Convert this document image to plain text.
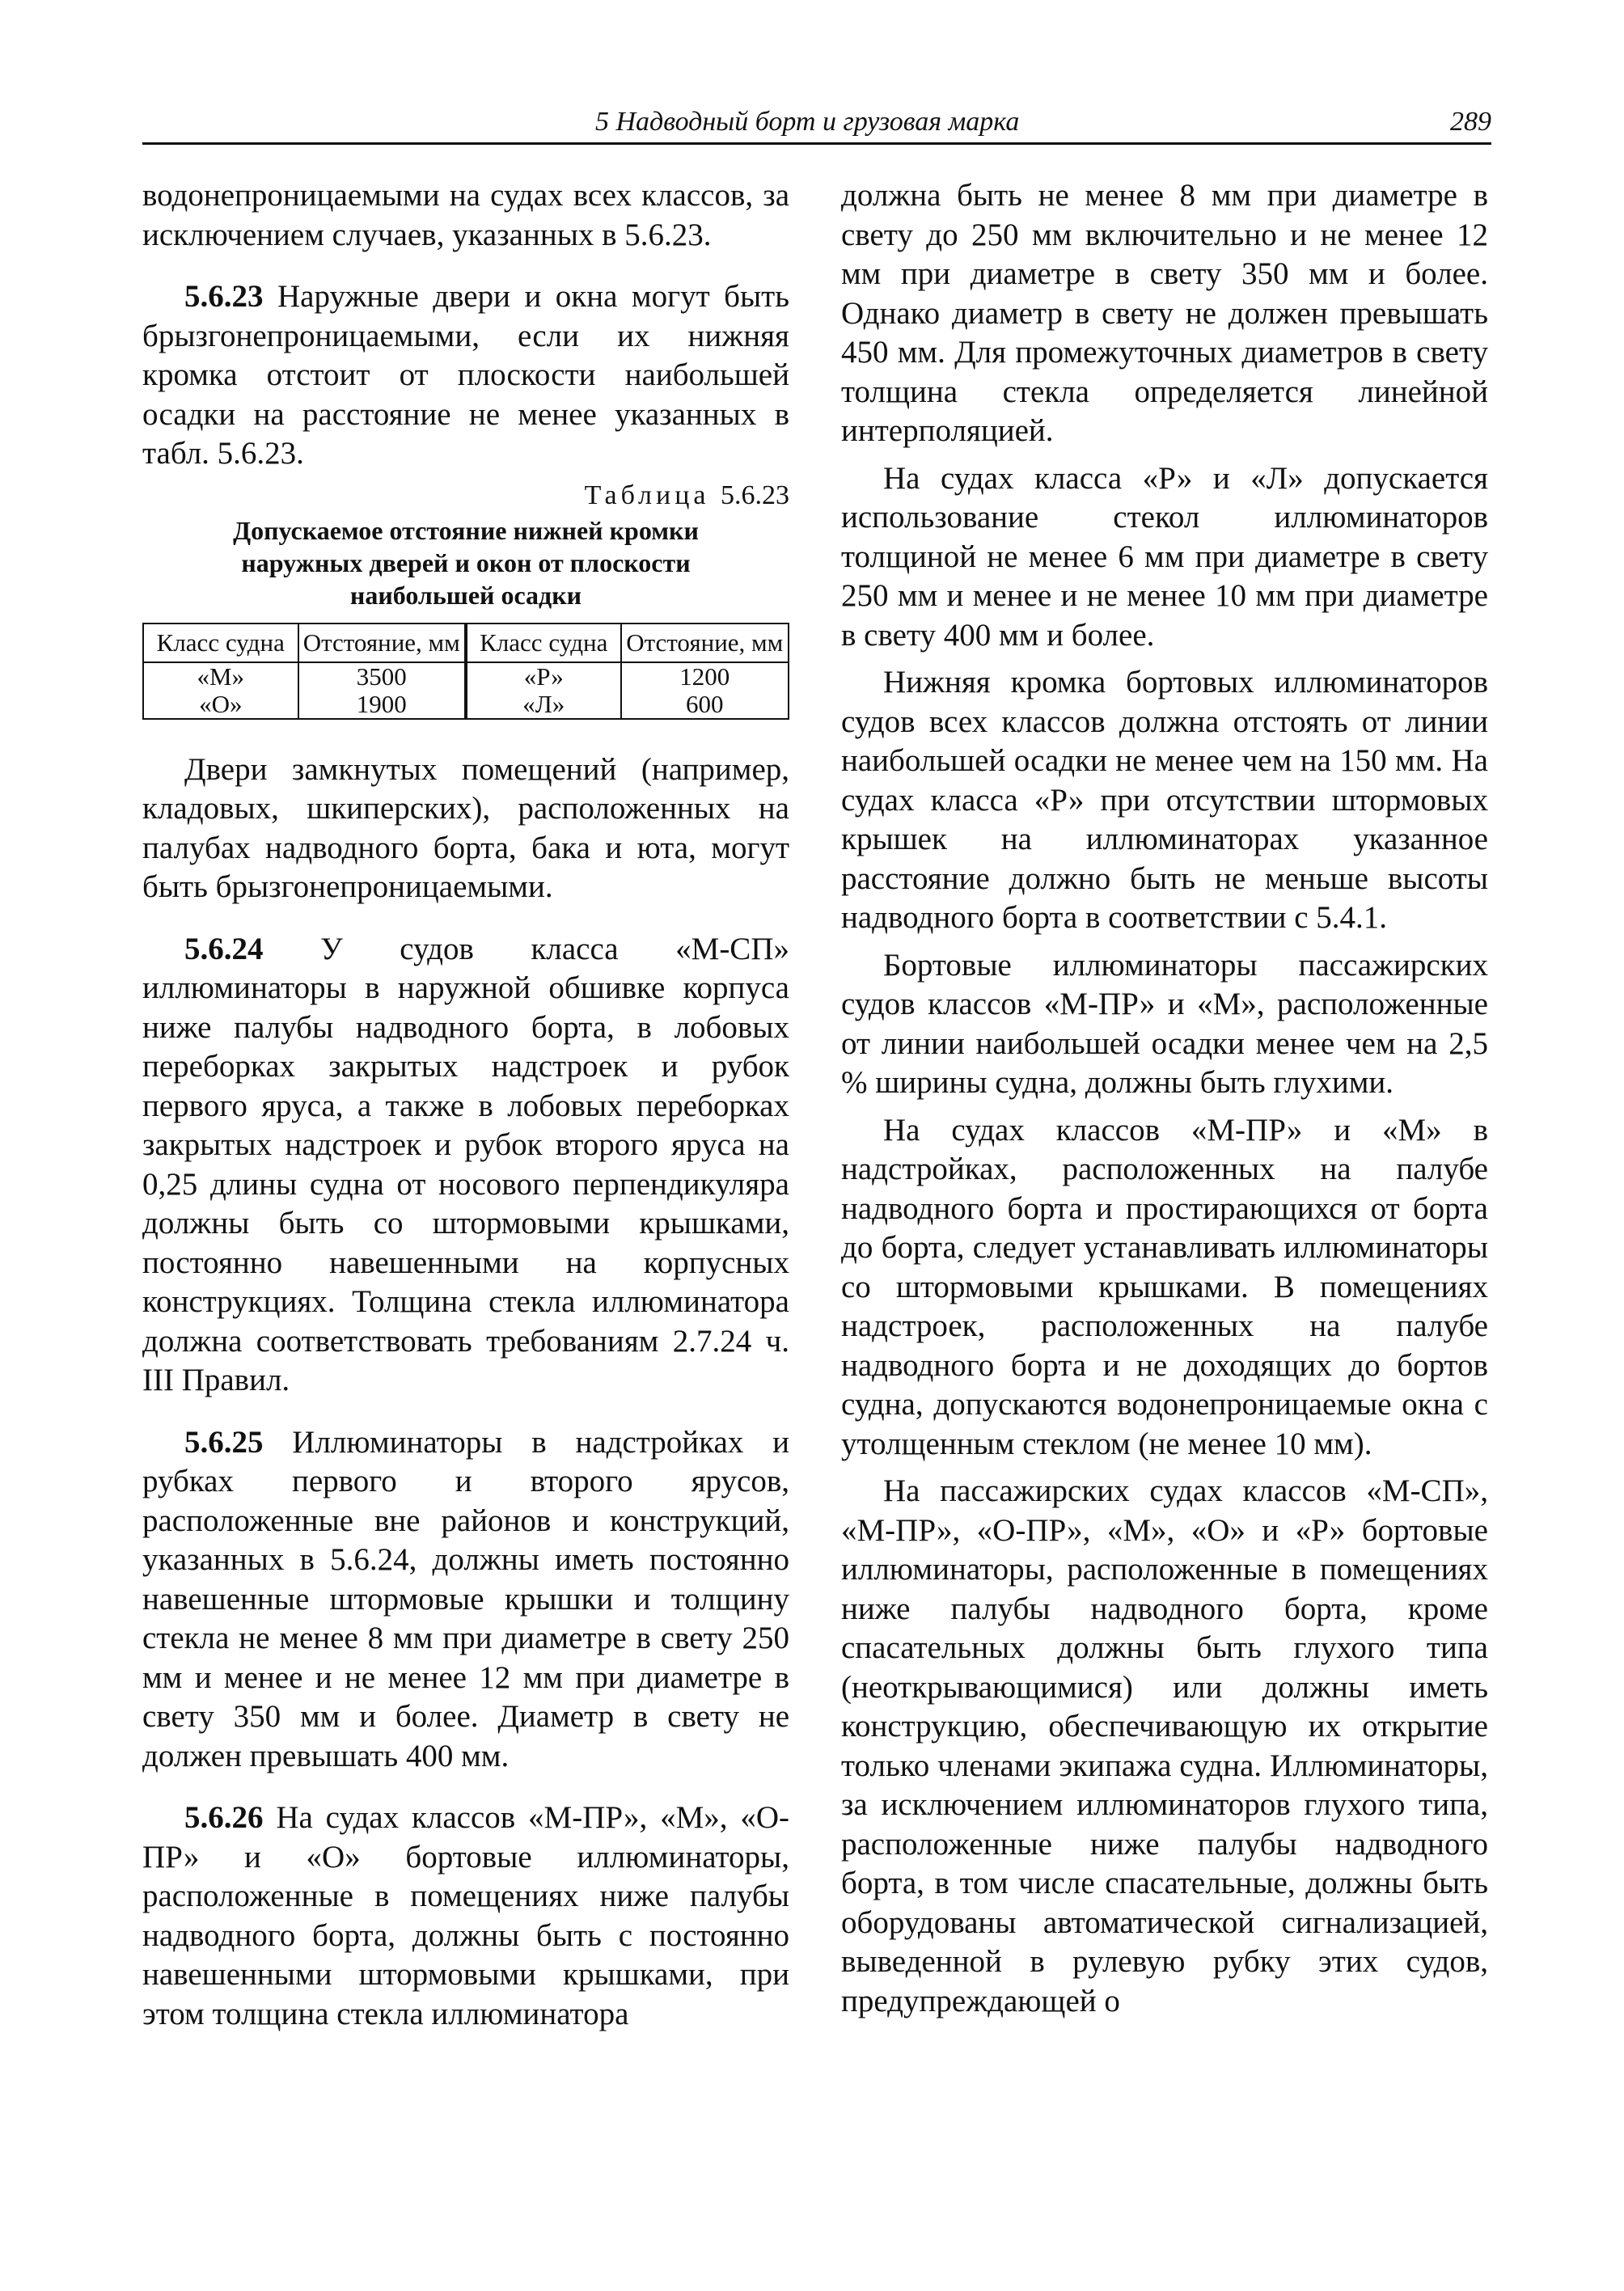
5 Надводный борт и грузовая марка	289

водонепроницаемыми на судах всех классов, за исключением случаев, указанных в 5.6.23.

5.6.23 Наружные двери и окна могут быть брызгонепроницаемыми, если их нижняя кромка отстоит от плоскости наибольшей осадки на расстояние не менее указанных в табл. 5.6.23.

Таблица 5.6.23
Допускаемое отстояние нижней кромки наружных дверей и окон от плоскости наибольшей осадки
Класс судна	Отстояние, мм	Класс судна	Отстояние, мм
«М»	3500	«Р»	1200
«О»	1900	«Л»	600

Двери замкнутых помещений (например, кладовых, шкиперских), расположенных на палубах надводного борта, бака и юта, могут быть брызгонепроницаемыми.

5.6.24 У судов класса «М-СП» иллюминаторы в наружной обшивке корпуса ниже палубы надводного борта, в лобовых переборках закрытых надстроек и рубок первого яруса, а также в лобовых переборках закрытых надстроек и рубок второго яруса на 0,25 длины судна от носового перпендикуляра должны быть со штормовыми крышками, постоянно навешенными на корпусных конструкциях. Толщина стекла иллюминатора должна соответствовать требованиям 2.7.24 ч. III Правил.

5.6.25 Иллюминаторы в надстройках и рубках первого и второго ярусов, расположенные вне районов и конструкций, указанных в 5.6.24, должны иметь постоянно навешенные штормовые крышки и толщину стекла не менее 8 мм при диаметре в свету 250 мм и менее и не менее 12 мм при диаметре в свету 350 мм и более. Диаметр в свету не должен превышать 400 мм.

5.6.26 На судах классов «М-ПР», «М», «О-ПР» и «О» бортовые иллюминаторы, расположенные в помещениях ниже палубы надводного борта, должны быть с постоянно навешенными штормовыми крышками, при этом толщина стекла иллюминатора

должна быть не менее 8 мм при диаметре в свету до 250 мм включительно и не менее 12 мм при диаметре в свету 350 мм и более. Однако диаметр в свету не должен превышать 450 мм. Для промежуточных диаметров в свету толщина стекла определяется линейной интерполяцией.

На судах класса «Р» и «Л» допускается использование стекол иллюминаторов толщиной не менее 6 мм при диаметре в свету 250 мм и менее и не менее 10 мм при диаметре в свету 400 мм и более.

Нижняя кромка бортовых иллюминаторов судов всех классов должна отстоять от линии наибольшей осадки не менее чем на 150 мм. На судах класса «Р» при отсутствии штормовых крышек на иллюминаторах указанное расстояние должно быть не меньше высоты надводного борта в соответствии с 5.4.1.

Бортовые иллюминаторы пассажирских судов классов «М-ПР» и «М», расположенные от линии наибольшей осадки менее чем на 2,5 % ширины судна, должны быть глухими.

На судах классов «М-ПР» и «М» в надстройках, расположенных на палубе надводного борта и простирающихся от борта до борта, следует устанавливать иллюминаторы со штормовыми крышками. В помещениях надстроек, расположенных на палубе надводного борта и не доходящих до бортов судна, допускаются водонепроницаемые окна с утолщенным стеклом (не менее 10 мм).

На пассажирских судах классов «М-СП», «М-ПР», «О-ПР», «М», «О» и «Р» бортовые иллюминаторы, расположенные в помещениях ниже палубы надводного борта, кроме спасательных должны быть глухого типа (неоткрывающимися) или должны иметь конструкцию, обеспечивающую их открытие только членами экипажа судна. Иллюминаторы, за исключением иллюминаторов глухого типа, расположенные ниже палубы надводного борта, в том числе спасательные, должны быть оборудованы автоматической сигнализацией, выведенной в рулевую рубку этих судов, предупреждающей о
